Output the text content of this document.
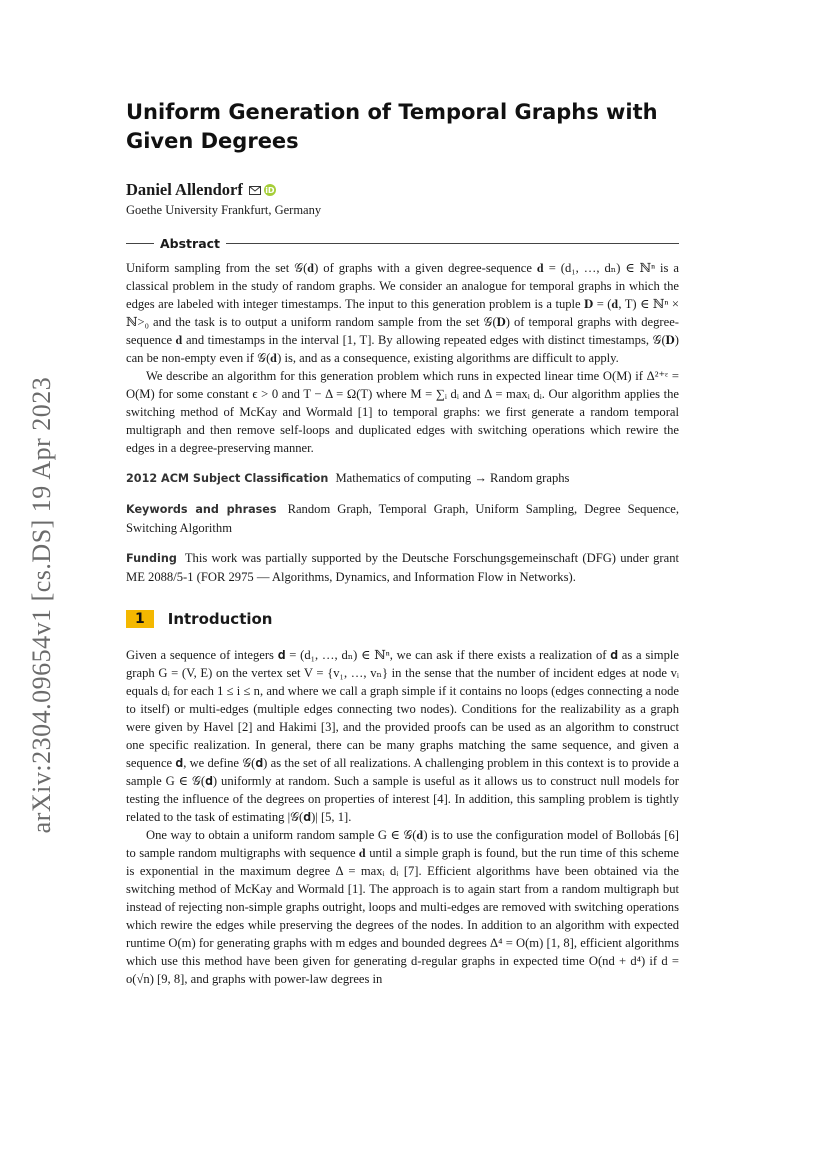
arXiv:2304.09654v1 [cs.DS] 19 Apr 2023
Uniform Generation of Temporal Graphs with
Given Degrees
Daniel Allendorf	iD
Goethe University Frankfurt, Germany
Abstract

Uniform sampling from the set 𝒢(𝐝) of graphs with a given degree-sequence 𝐝 = (d₁, …, dₙ) ∈ ℕⁿ is a classical problem in the study of random graphs. We consider an analogue for temporal graphs in which the edges are labeled with integer timestamps. The input to this generation problem is a tuple 𝐃 = (𝐝, T) ∈ ℕⁿ × ℕ>₀ and the task is to output a uniform random sample from the set 𝒢(𝐃) of temporal graphs with degree-sequence 𝐝 and timestamps in the interval [1, T]. By allowing repeated edges with distinct timestamps, 𝒢(𝐃) can be non-empty even if 𝒢(𝐝) is, and as a consequence, existing algorithms are difficult to apply.

We describe an algorithm for this generation problem which runs in expected linear time O(M) if Δ²⁺ᵋ = O(M) for some constant ϵ > 0 and T − Δ = Ω(T) where M = ∑ᵢ dᵢ and Δ = maxᵢ dᵢ. Our algorithm applies the switching method of McKay and Wormald [1] to temporal graphs: we first generate a random temporal multigraph and then remove self-loops and duplicated edges with switching operations which rewire the edges in a degree-preserving manner.

2012 ACM Subject Classification Mathematics of computing → Random graphs
Keywords and phrases Random Graph, Temporal Graph, Uniform Sampling, Degree Sequence, Switching Algorithm
Funding This work was partially supported by the Deutsche Forschungsgemeinschaft (DFG) under grant ME 2088/5-1 (FOR 2975 — Algorithms, Dynamics, and Information Flow in Networks).
1	Introduction

Given a sequence of integers 𝐝 = (d₁, …, dₙ) ∈ ℕⁿ, we can ask if there exists a realization of 𝐝 as a simple graph G = (V, E) on the vertex set V = {v₁, …, vₙ} in the sense that the number of incident edges at node vᵢ equals dᵢ for each 1 ≤ i ≤ n, and where we call a graph simple if it contains no loops (edges connecting a node to itself) or multi-edges (multiple edges connecting two nodes). Conditions for the realizability as a graph were given by Havel [2] and Hakimi [3], and the provided proofs can be used as an algorithm to construct one specific realization. In general, there can be many graphs matching the same sequence, and given a sequence 𝐝, we define 𝒢(𝐝) as the set of all realizations. A challenging problem in this context is to provide a sample G ∈ 𝒢(𝐝) uniformly at random. Such a sample is useful as it allows us to construct null models for testing the influence of the degrees on properties of interest [4]. In addition, this sampling problem is tightly related to the task of estimating |𝒢(𝐝)| [5, 1].

One way to obtain a uniform random sample G ∈ 𝒢(𝐝) is to use the configuration model of Bollobás [6] to sample random multigraphs with sequence 𝐝 until a simple graph is found, but the run time of this scheme is exponential in the maximum degree Δ = maxᵢ dᵢ [7]. Efficient algorithms have been obtained via the switching method of McKay and Wormald [1]. The approach is to again start from a random multigraph but instead of rejecting non-simple graphs outright, loops and multi-edges are removed with switching operations which rewire the edges while preserving the degrees of the nodes. In addition to an algorithm with expected runtime O(m) for generating graphs with m edges and bounded degrees Δ⁴ = O(m) [1, 8], efficient algorithms which use this method have been given for generating d-regular graphs in expected time O(nd + d⁴) if d = o(√n) [9, 8], and graphs with power-law degrees in
